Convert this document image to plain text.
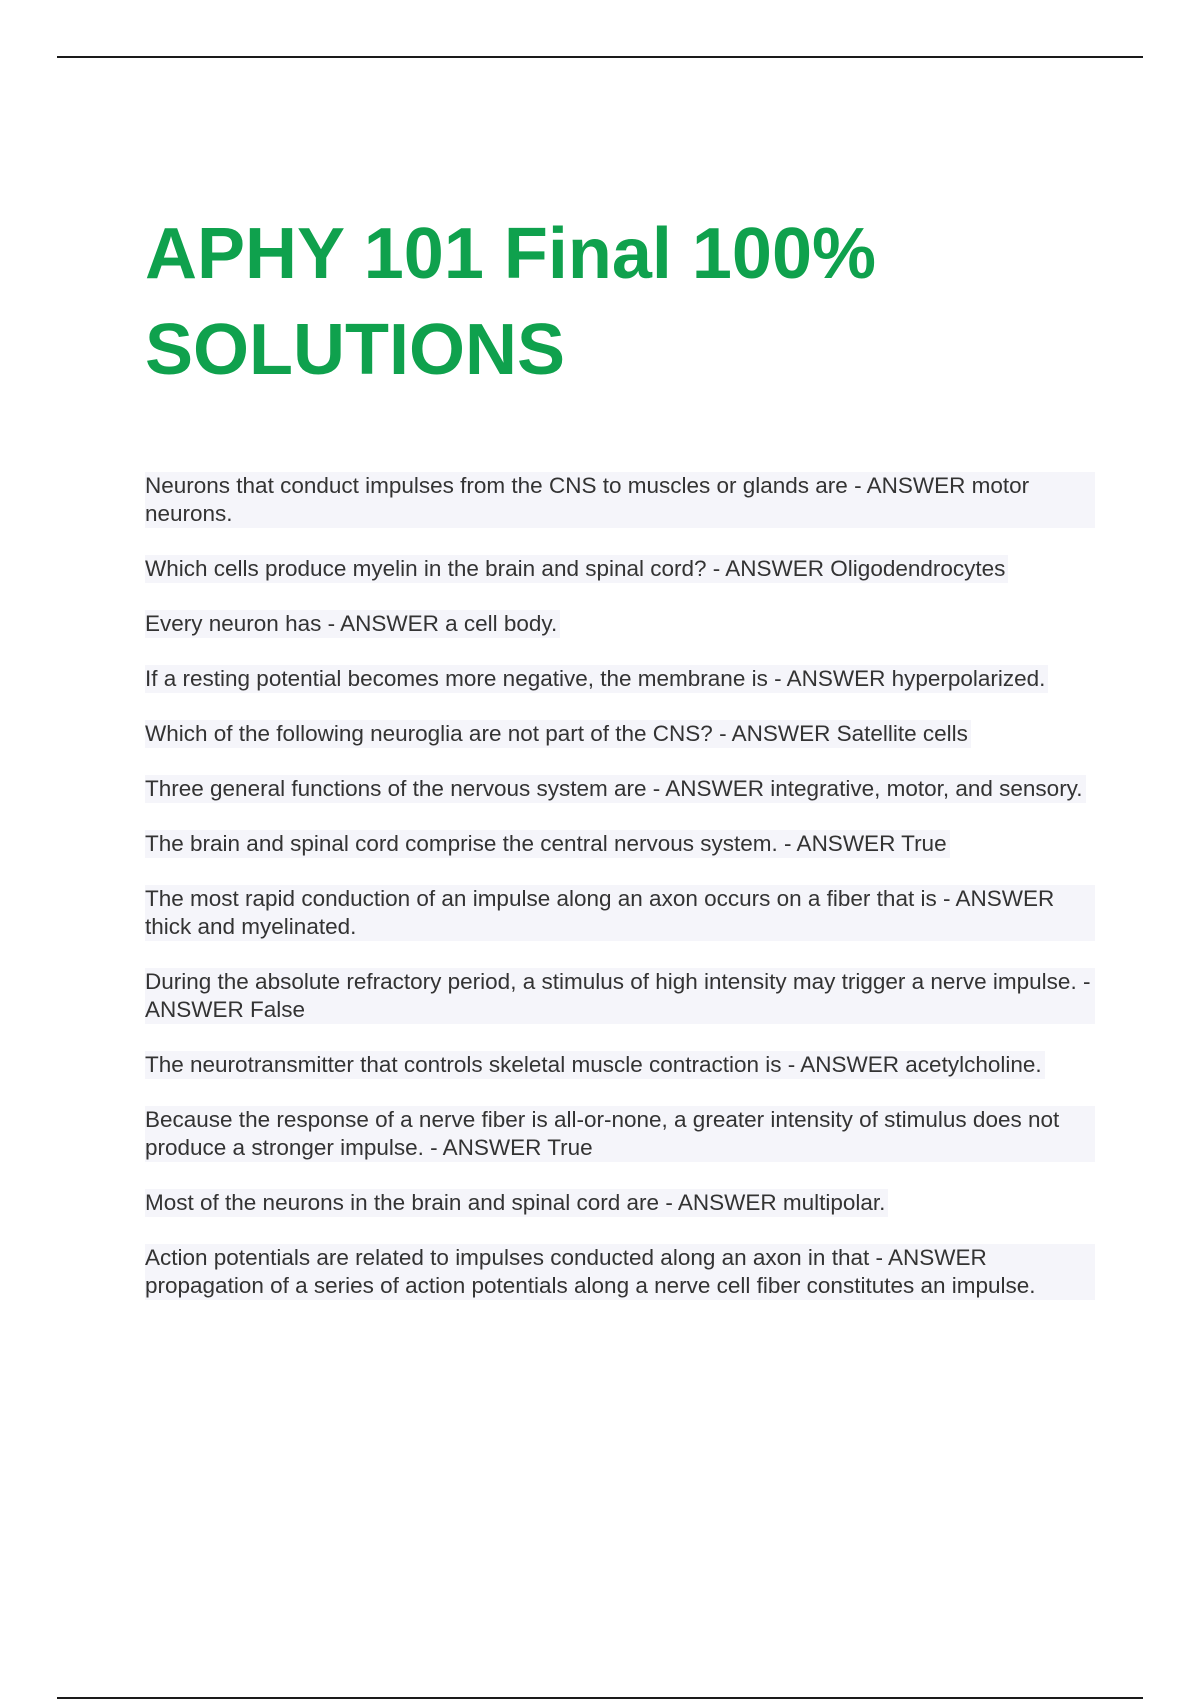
APHY 101 Final 100%
SOLUTIONS

Neurons that conduct impulses from the CNS to muscles or glands are - ANSWER motor neurons.

Which cells produce myelin in the brain and spinal cord? - ANSWER Oligodendrocytes

Every neuron has - ANSWER a cell body.

If a resting potential becomes more negative, the membrane is - ANSWER hyperpolarized.

Which of the following neuroglia are not part of the CNS? - ANSWER Satellite cells

Three general functions of the nervous system are - ANSWER integrative, motor, and sensory.

The brain and spinal cord comprise the central nervous system. - ANSWER True

The most rapid conduction of an impulse along an axon occurs on a fiber that is - ANSWER thick and myelinated.

During the absolute refractory period, a stimulus of high intensity may trigger a nerve impulse. - ANSWER False

The neurotransmitter that controls skeletal muscle contraction is - ANSWER acetylcholine.

Because the response of a nerve fiber is all-or-none, a greater intensity of stimulus does not produce a stronger impulse. - ANSWER True

Most of the neurons in the brain and spinal cord are - ANSWER multipolar.

Action potentials are related to impulses conducted along an axon in that - ANSWER propagation of a series of action potentials along a nerve cell fiber constitutes an impulse.
